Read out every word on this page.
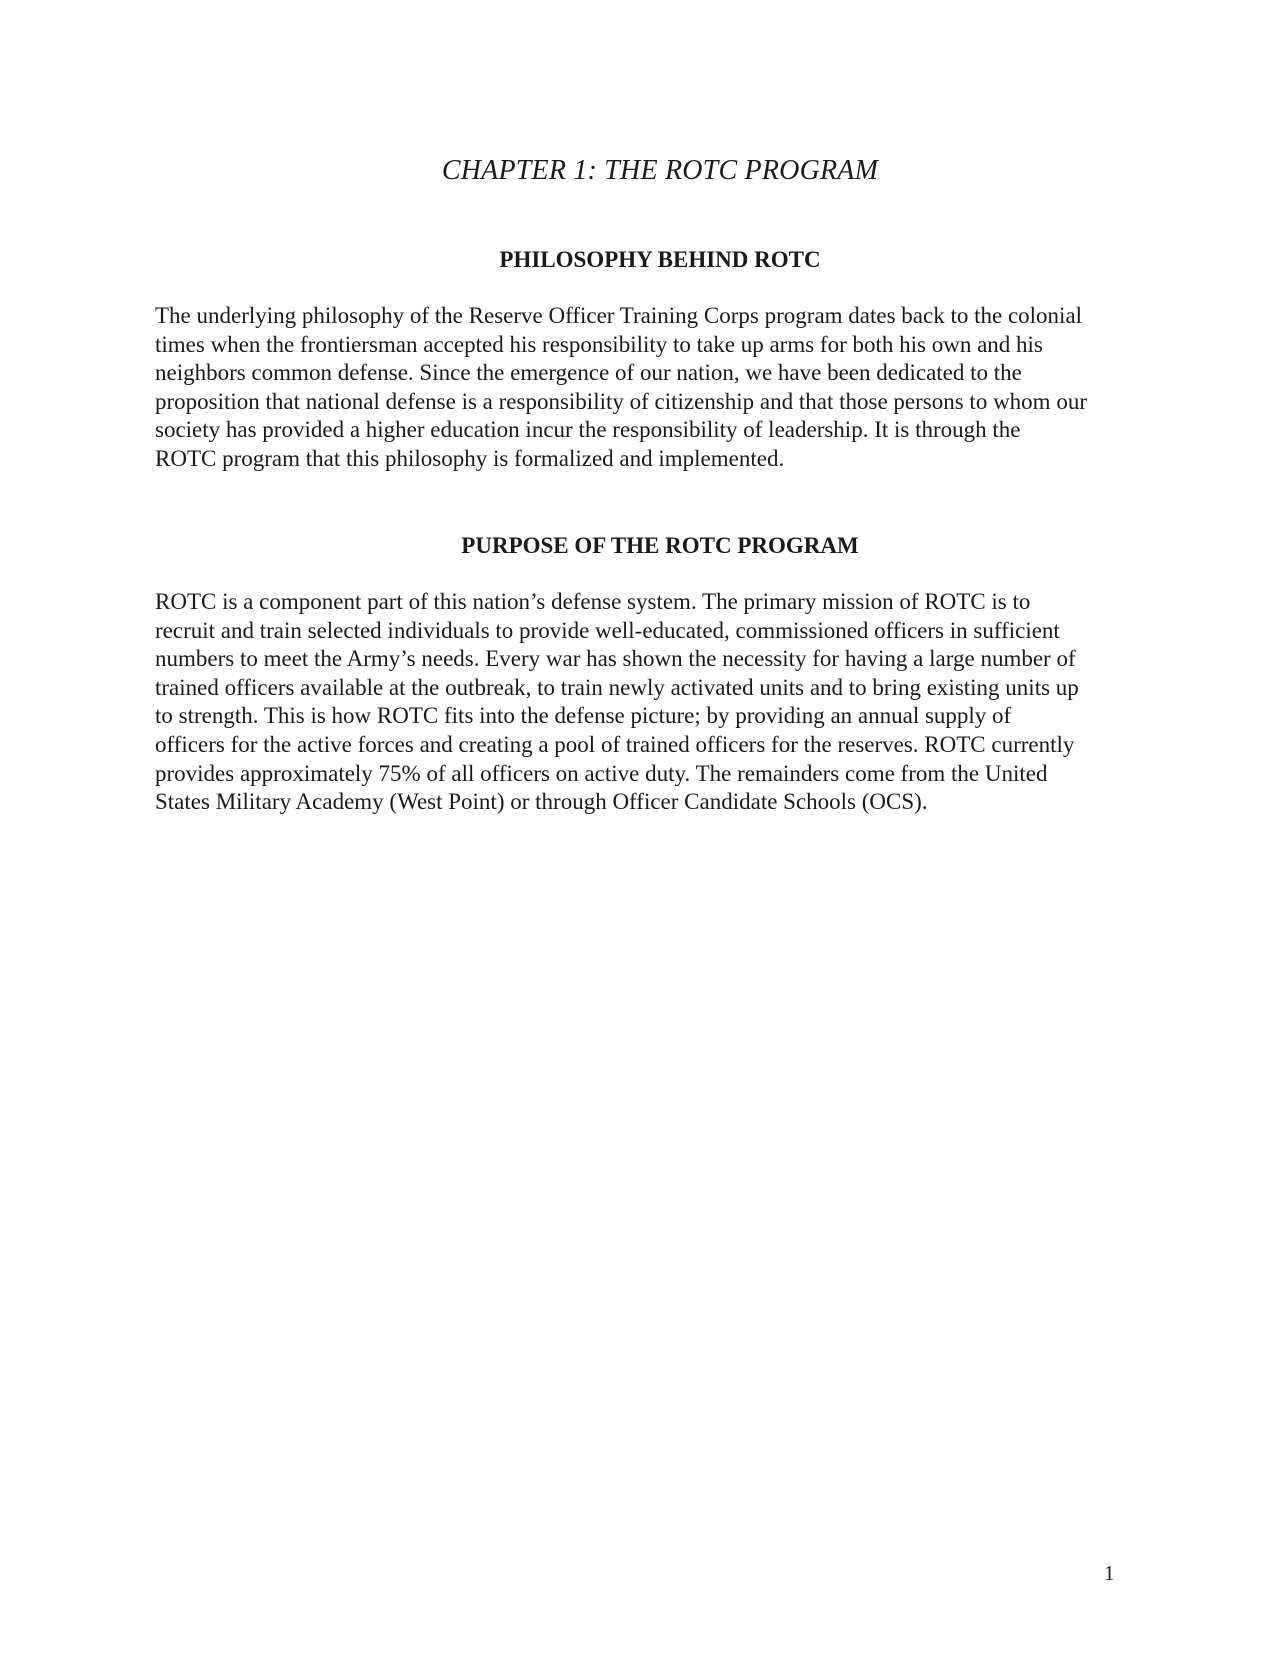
CHAPTER 1: THE ROTC PROGRAM
PHILOSOPHY BEHIND ROTC

The underlying philosophy of the Reserve Officer Training Corps program dates back to the colonial
times when the frontiersman accepted his responsibility to take up arms for both his own and his
neighbors common defense. Since the emergence of our nation, we have been dedicated to the
proposition that national defense is a responsibility of citizenship and that those persons to whom our
society has provided a higher education incur the responsibility of leadership. It is through the
ROTC program that this philosophy is formalized and implemented.

PURPOSE OF THE ROTC PROGRAM

ROTC is a component part of this nation’s defense system. The primary mission of ROTC is to
recruit and train selected individuals to provide well-educated, commissioned officers in sufficient
numbers to meet the Army’s needs. Every war has shown the necessity for having a large number of
trained officers available at the outbreak, to train newly activated units and to bring existing units up
to strength. This is how ROTC fits into the defense picture; by providing an annual supply of
officers for the active forces and creating a pool of trained officers for the reserves. ROTC currently
provides approximately 75% of all officers on active duty. The remainders come from the United
States Military Academy (West Point) or through Officer Candidate Schools (OCS).

1
